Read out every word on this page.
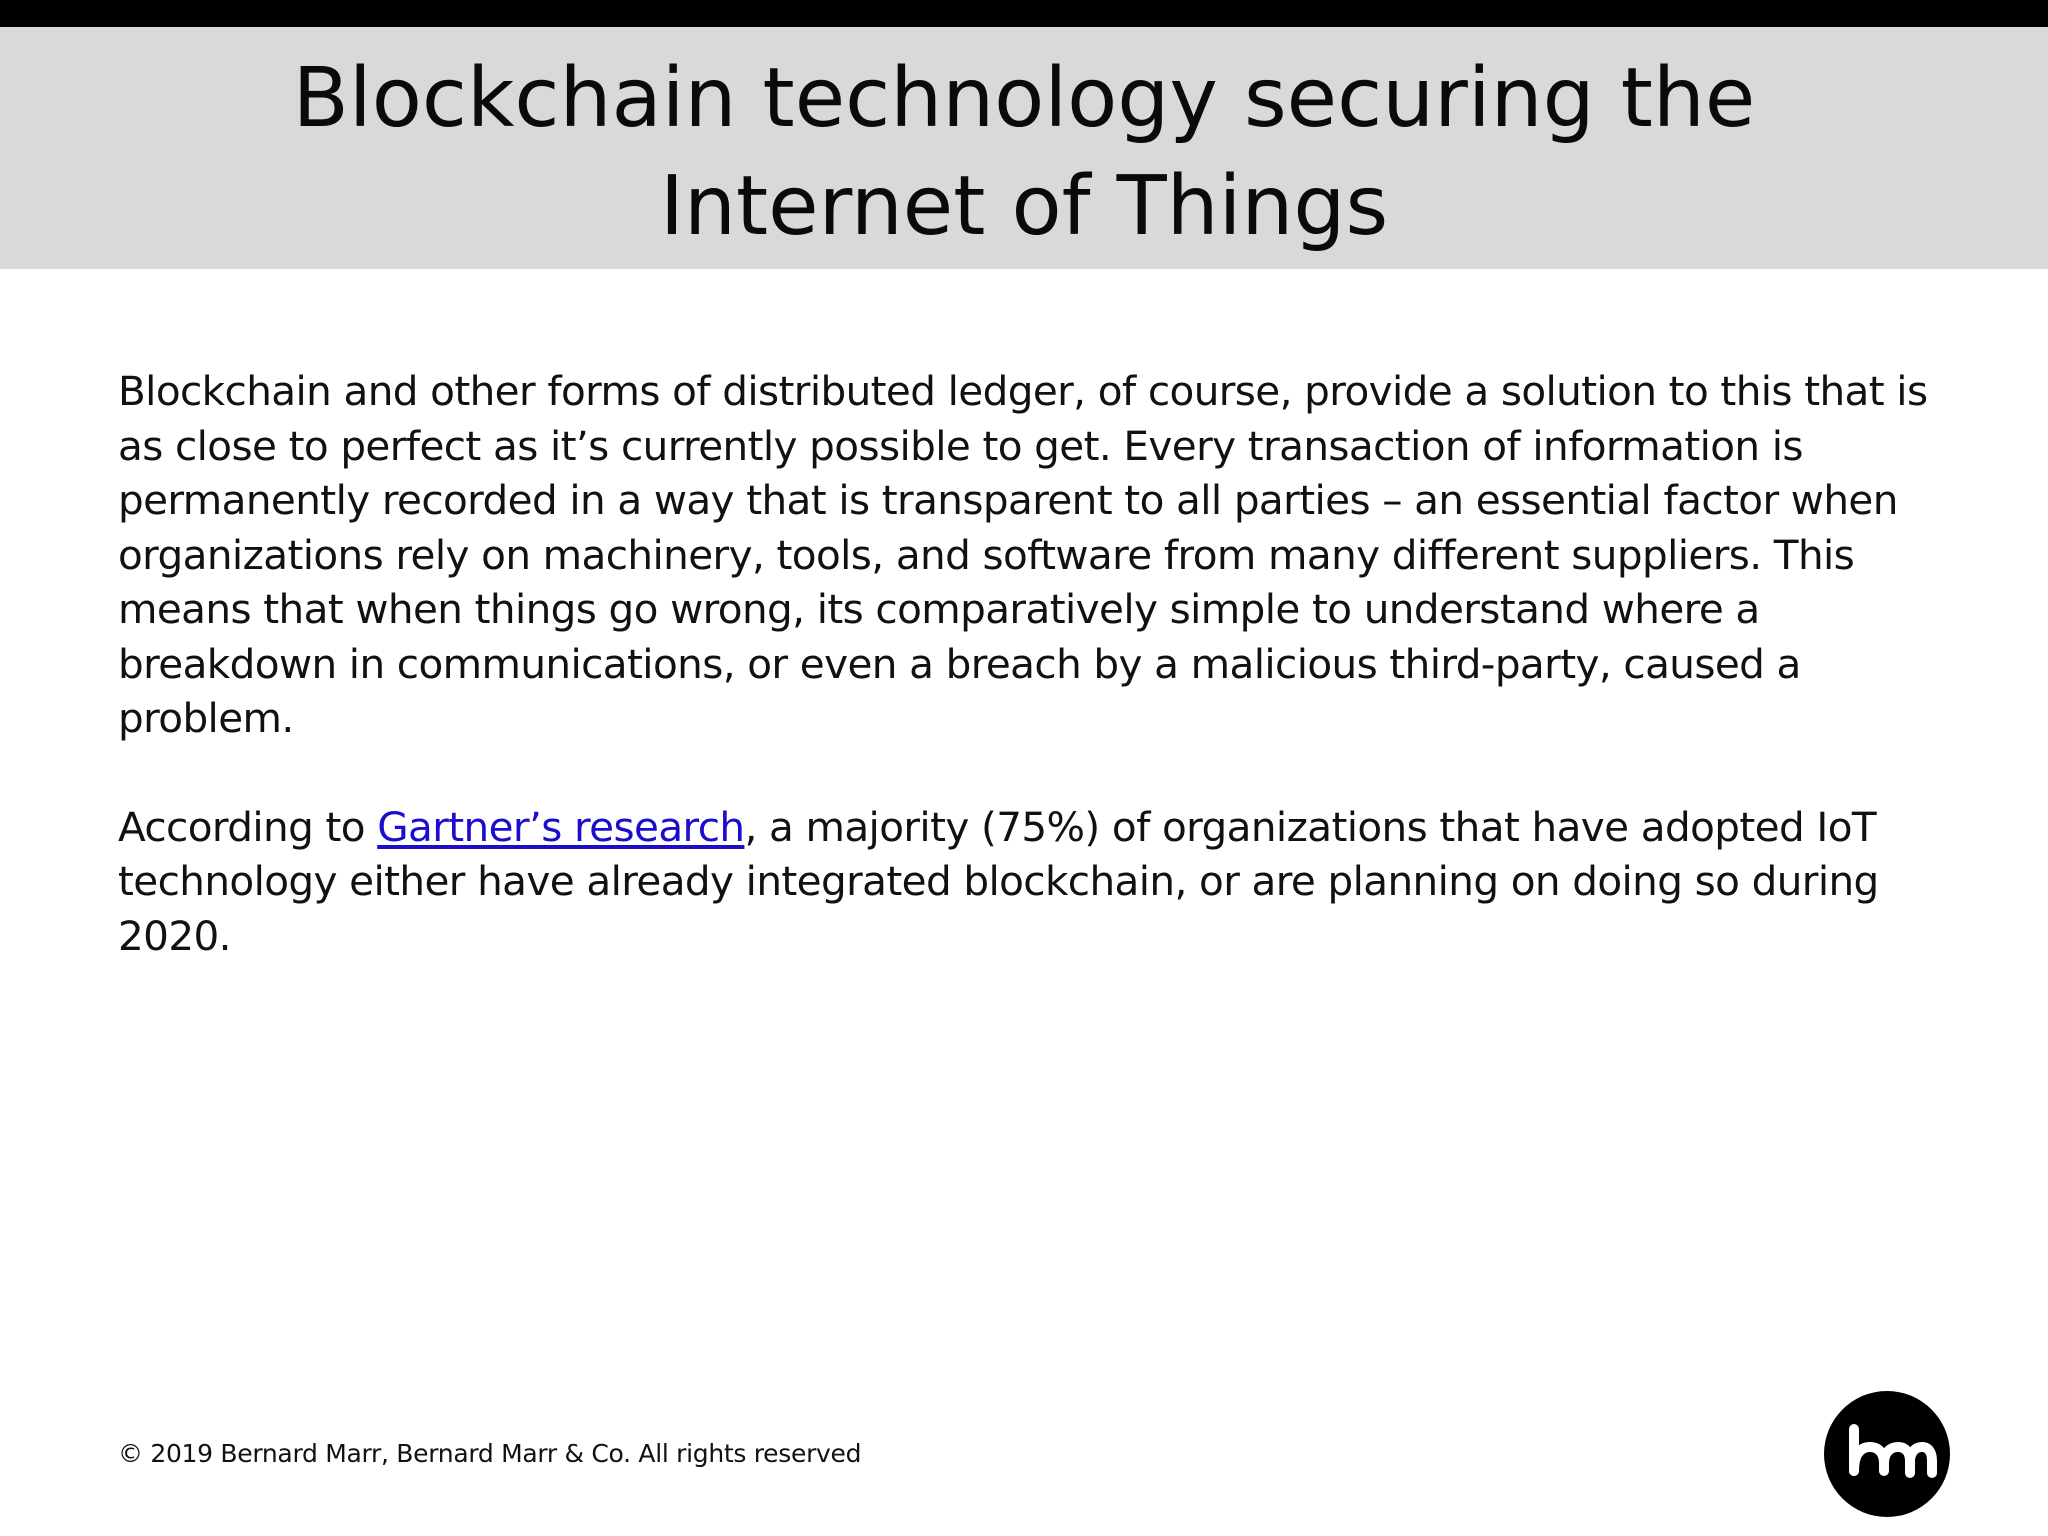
Blockchain technology securing the
Internet of Things

Blockchain and other forms of distributed ledger, of course, provide a solution to this that is as close to perfect as it’s currently possible to get. Every transaction of information is permanently recorded in a way that is transparent to all parties – an essential factor when organizations rely on machinery, tools, and software from many different suppliers. This means that when things go wrong, its comparatively simple to understand where a breakdown in communications, or even a breach by a malicious third-party, caused a problem.

According to Gartner’s research, a majority (75%) of organizations that have adopted IoT technology either have already integrated blockchain, or are planning on doing so during 2020.

© 2019 Bernard Marr, Bernard Marr & Co. All rights reserved
